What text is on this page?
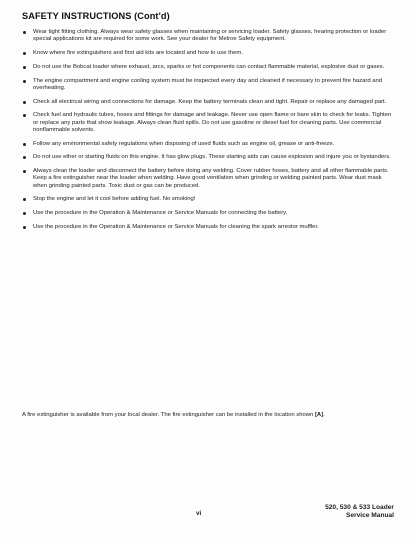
SAFETY INSTRUCTIONS (Cont'd)
Wear tight fitting clothing. Always wear safety glasses when maintaining or servicing loader. Safety glasses, hearing protection or loader special applications kit are required for some work. See your dealer for Melroe Safety equipment.
Know where fire extinguishers and first aid kits are located and how to use them.
Do not use the Bobcat loader where exhaust, arcs, sparks or hot components can contact flammable material, explosive dust or gases.
The engine compartment and engine cooling system must be inspected every day and cleaned if necessary to prevent fire hazard and overheating.
Check all electrical wiring and connections for damage. Keep the battery terminals clean and tight. Repair or replace any damaged part.
Check fuel and hydraulic tubes, hoses and fittings for damage and leakage. Never use open flame or bare skin to check for leaks. Tighten or replace any parts that show leakage. Always clean fluid spills. Do not use gasoline or diesel fuel for cleaning parts. Use commercial nonflammable solvents.
Follow any environmental safety regulations when disposing of used fluids such as engine oil, grease or anti-freeze.
Do not use ether or starting fluids on this engine. It has glow plugs. These starting aids can cause explosion and injure you or bystanders.
Always clean the loader and disconnect the battery before doing any welding. Cover rubber hoses, battery and all other flammable parts. Keep a fire extinguisher near the loader when welding. Have good ventilation when grinding or welding painted parts. Wear dust mask when grinding painted parts. Toxic dust or gas can be produced.
Stop the engine and let it cool before adding fuel. No smoking!
Use the procedure in the Operation & Maintenance or Service Manuals for connecting the battery.
Use the procedure in the Operation & Maintenance or Service Manuals for cleaning the spark arrestor muffler.
A fire extinguisher is available from your local dealer. The fire extinguisher can be installed in the location shown [A].
vi
520, 530 & 533 Loader
Service Manual
